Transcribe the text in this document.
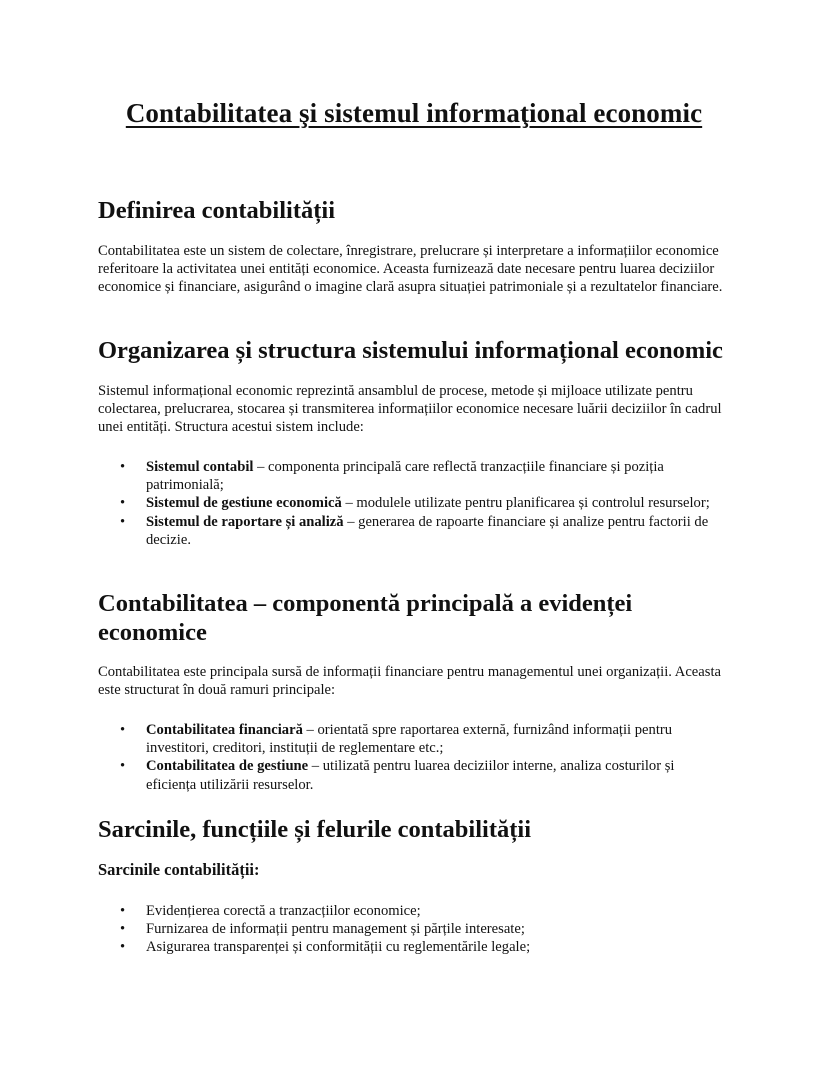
Contabilitatea şi sistemul informaţional economic
Definirea contabilității

Contabilitatea este un sistem de colectare, înregistrare, prelucrare și interpretare a informațiilor economice referitoare la activitatea unei entități economice. Aceasta furnizează date necesare pentru luarea deciziilor economice și financiare, asigurând o imagine clară asupra situației patrimoniale și a rezultatelor financiare.

Organizarea și structura sistemului informațional economic

Sistemul informațional economic reprezintă ansamblul de procese, metode și mijloace utilizate pentru colectarea, prelucrarea, stocarea și transmiterea informațiilor economice necesare luării deciziilor în cadrul unei entități. Structura acestui sistem include:

• Sistemul contabil – componenta principală care reflectă tranzacțiile financiare și poziția patrimonială;
• Sistemul de gestiune economică – modulele utilizate pentru planificarea și controlul resurselor;
• Sistemul de raportare și analiză – generarea de rapoarte financiare și analize pentru factorii de decizie.
Contabilitatea – componentă principală a evidenței economice

Contabilitatea este principala sursă de informații financiare pentru managementul unei organizații. Aceasta este structurat în două ramuri principale:

• Contabilitatea financiară – orientată spre raportarea externă, furnizând informații pentru investitori, creditori, instituții de reglementare etc.;
• Contabilitatea de gestiune – utilizată pentru luarea deciziilor interne, analiza costurilor și eficiența utilizării resurselor.
Sarcinile, funcțiile și felurile contabilității
Sarcinile contabilității:
• Evidențierea corectă a tranzacțiilor economice;
• Furnizarea de informații pentru management și părțile interesate;
• Asigurarea transparenței și conformității cu reglementările legale;
